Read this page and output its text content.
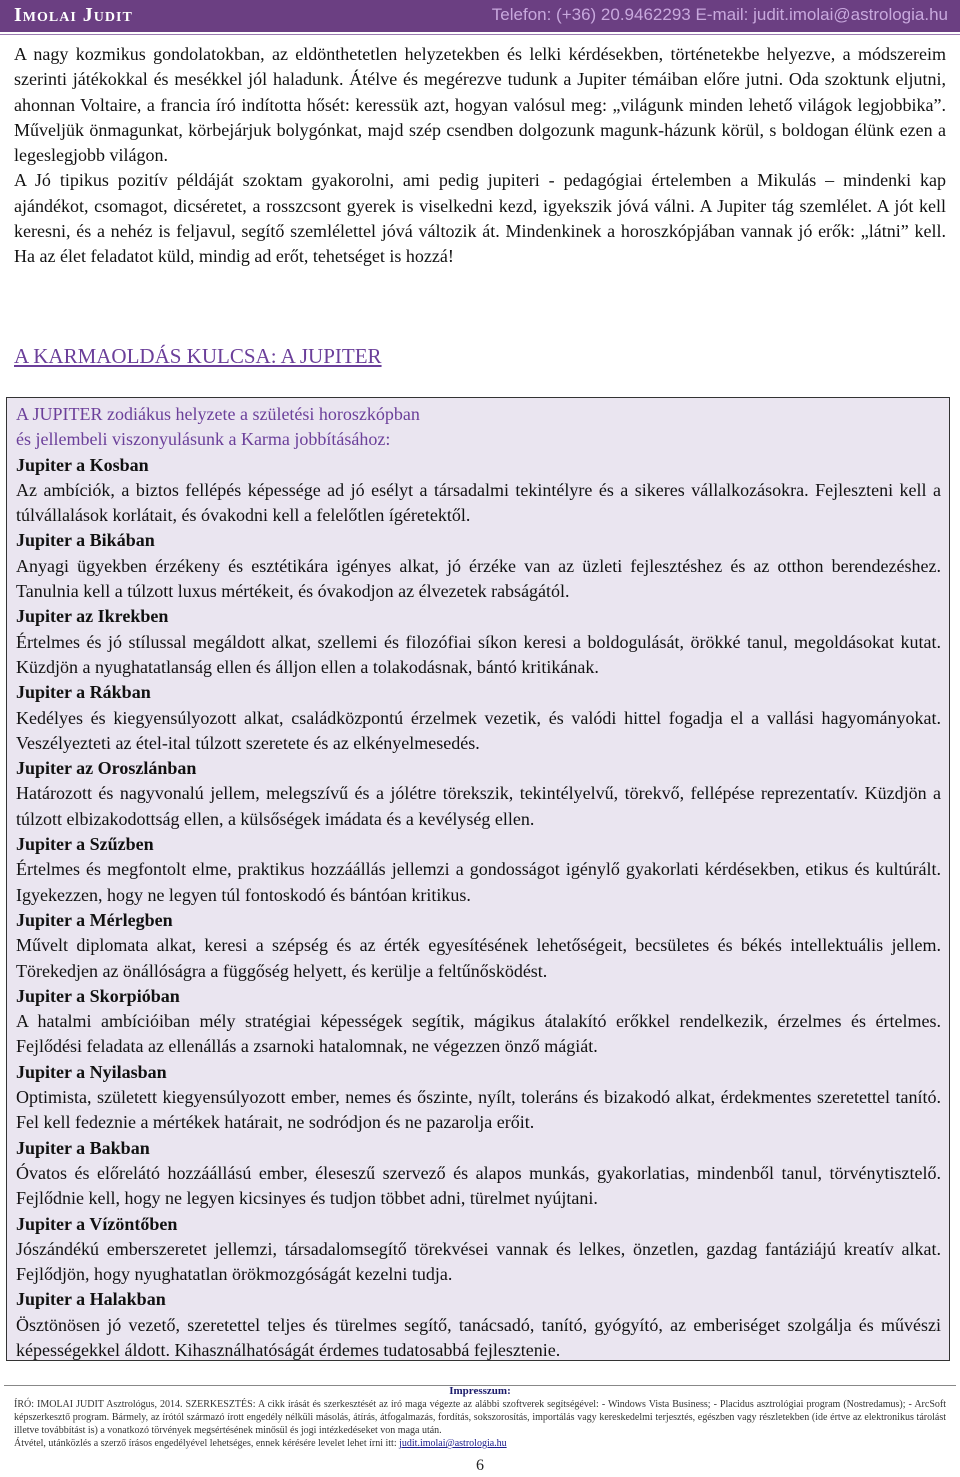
Imolai Judit	Telefon: (+36) 20.9462293 E-mail: judit.imolai@astrologia.hu

A nagy kozmikus gondolatokban, az eldönthetetlen helyzetekben és lelki kérdésekben, történetekbe helyezve, a módszereim szerinti játékokkal és mesékkel jól haladunk. Átélve és megérezve tudunk a Jupiter témáiban előre jutni. Oda szoktunk eljutni, ahonnan Voltaire, a francia író indította hősét: keressük azt, hogyan valósul meg: „világunk minden lehető világok legjobbika”. Műveljük önmagunkat, körbejárjuk bolygónkat, majd szép csendben dolgozunk magunk-házunk körül, s boldogan élünk ezen a legeslegjobb világon.

A Jó tipikus pozitív példáját szoktam gyakorolni, ami pedig jupiteri - pedagógiai értelemben a Mikulás – mindenki kap ajándékot, csomagot, dicséretet, a rosszcsont gyerek is viselkedni kezd, igyekszik jóvá válni. A Jupiter tág szemlélet. A jót kell keresni, és a nehéz is feljavul, segítő szemlélettel jóvá változik át. Mindenkinek a horoszkópjában vannak jó erők: „látni” kell. Ha az élet feladatot küld, mindig ad erőt, tehetséget is hozzá!

A KARMAOLDÁS KULCSA: A JUPITER

A JUPITER zodiákus helyzete a születési horoszkópban

és jellembeli viszonyulásunk a Karma jobbításához:

Jupiter a Kosban
Az ambíciók, a biztos fellépés képessége ad jó esélyt a társadalmi tekintélyre és a sikeres vállalkozásokra. Fejleszteni kell a túlvállalások korlátait, és óvakodni kell a felelőtlen ígéretektől.
Jupiter a Bikában
Anyagi ügyekben érzékeny és esztétikára igényes alkat, jó érzéke van az üzleti fejlesztéshez és az otthon berendezéshez. Tanulnia kell a túlzott luxus mértékeit, és óvakodjon az élvezetek rabságától.
Jupiter az Ikrekben
Értelmes és jó stílussal megáldott alkat, szellemi és filozófiai síkon keresi a boldogulását, örökké tanul, megoldásokat kutat. Küzdjön a nyughatatlanság ellen és álljon ellen a tolakodásnak, bántó kritikának.
Jupiter a Rákban
Kedélyes és kiegyensúlyozott alkat, családközpontú érzelmek vezetik, és valódi hittel fogadja el a vallási hagyományokat. Veszélyezteti az étel-ital túlzott szeretete és az elkényelmesedés.
Jupiter az Oroszlánban
Határozott és nagyvonalú jellem, melegszívű és a jólétre törekszik, tekintélyelvű, törekvő, fellépése reprezentatív. Küzdjön a túlzott elbizakodottság ellen, a külsőségek imádata és a kevélység ellen.
Jupiter a Szűzben
Értelmes és megfontolt elme, praktikus hozzáállás jellemzi a gondosságot igénylő gyakorlati kérdésekben, etikus és kultúrált. Igyekezzen, hogy ne legyen túl fontoskodó és bántóan kritikus.
Jupiter a Mérlegben
Művelt diplomata alkat, keresi a szépség és az érték egyesítésének lehetőségeit, becsületes és békés intellektuális jellem. Törekedjen az önállóságra a függőség helyett, és kerülje a feltűnősködést.
Jupiter a Skorpióban
A hatalmi ambícióiban mély stratégiai képességek segítik, mágikus átalakító erőkkel rendelkezik, érzelmes és értelmes. Fejlődési feladata az ellenállás a zsarnoki hatalomnak, ne végezzen önző mágiát.
Jupiter a Nyilasban
Optimista, született kiegyensúlyozott ember, nemes és őszinte, nyílt, toleráns és bizakodó alkat, érdekmentes szeretettel tanító. Fel kell fedeznie a mértékek határait, ne sodródjon és ne pazarolja erőit.
Jupiter a Bakban
Óvatos és előrelátó hozzáállású ember, éleseszű szervező és alapos munkás, gyakorlatias, mindenből tanul, törvénytisztelő. Fejlődnie kell, hogy ne legyen kicsinyes és tudjon többet adni, türelmet nyújtani.
Jupiter a Vízöntőben
Jószándékú emberszeretet jellemzi, társadalomsegítő törekvései vannak és lelkes, önzetlen, gazdag fantáziájú kreatív alkat. Fejlődjön, hogy nyughatatlan örökmozgóságát kezelni tudja.
Jupiter a Halakban
Ösztönösen jó vezető, szeretettel teljes és türelmes segítő, tanácsadó, tanító, gyógyító, az emberiséget szolgálja és művészi képességekkel áldott. Kihasználhatóságát érdemes tudatosabbá fejlesztenie.
Impresszum:

ÍRÓ: IMOLAI JUDIT Asztrológus, 2014. SZERKESZTÉS: A cikk írását és szerkesztését az író maga végezte az alábbi szoftverek segítségével: - Windows Vista Business; - Placidus asztrológiai program (Nostredamus); - ArcSoft képszerkesztő program. Bármely, az írótól származó írott engedély nélküli másolás, átírás, átfogalmazás, fordítás, sokszorosítás, importálás vagy kereskedelmi terjesztés, egészben vagy részletekben (ide értve az elektronikus tárolást illetve továbbítást is) a vonatkozó törvények megsértésének minősül és jogi intézkedéseket von maga után.

Átvétel, utánközlés a szerző írásos engedélyével lehetséges, ennek kérésére levelet lehet írni itt: judit.imolai@astrologia.hu

6
